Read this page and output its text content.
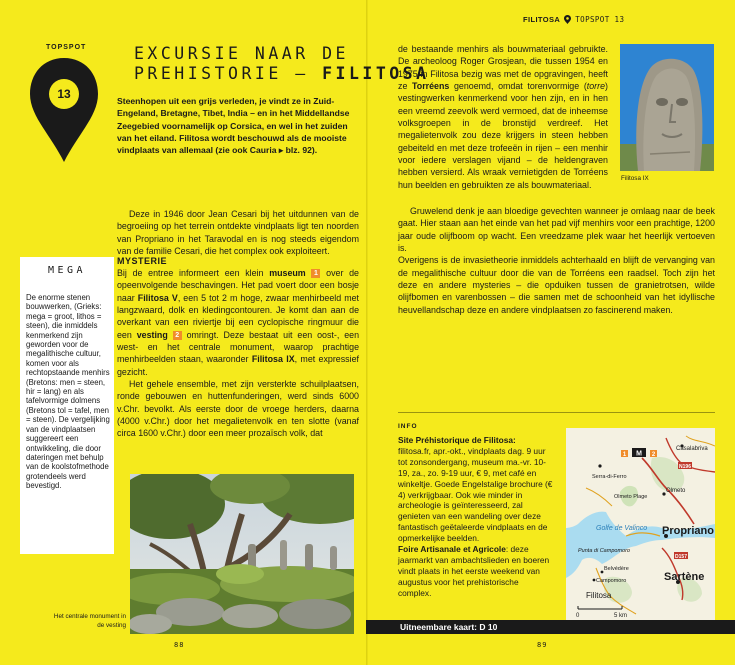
TOPSPOT
13
EXCURSIE NAAR DE
PREHISTORIE – FILITOSA
Steenhopen uit een grijs verleden, je vindt ze in Zuid-Engeland, Bretagne, Tibet, India – en in het Middellandse Zeegebied voornamelijk op Corsica, en wel in het zuiden van het eiland. Filitosa wordt beschouwd als de mooiste vindplaats van allemaal (zie ook Cauria ▸ blz. 92).

Deze in 1946 door Jean Cesari bij het uitdunnen van de begroeiing op het terrein ontdekte vindplaats ligt ten noorden van Propriano in het Taravodal en is nog steeds eigendom van de familie Cesari, die het complex ook exploiteert.

MYSTERIE

Bij de entree informeert een klein museum 1 over de opeenvolgende beschavingen. Het pad voert door een bosje naar Filitosa V, een 5 tot 2 m hoge, zwaar menhirbeeld met langzwaard, dolk en kledingcontouren. Je komt dan aan de overkant van een riviertje bij een cyclopische ringmuur die een vesting 2 omringt. Deze bestaat uit een oost-, een west- en het centrale monument, waarop prachtige menhirbeelden staan, waaronder Filitosa IX, met expressief gezicht.

Het gehele ensemble, met zijn versterkte schuilplaatsen, ronde gebouwen en huttenfunderingen, werd sinds 6000 v.Chr. bevolkt. Als eerste door de vroege herders, daarna (4000 v.Chr.) door het megalietenvolk en ten slotte (vanaf circa 1600 v.Chr.) door een meer prozaïsch volk, dat

Het centrale monument in de vesting
88
MEGA
De enorme stenen bouwwerken, (Grieks: mega = groot, lithos = steen), die inmiddels kenmerkend zijn geworden voor de megalithische cultuur, komen voor als rechtopstaande menhirs (Bretons: men = steen, hir = lang) en als tafelvormige dolmens (Bretons tol = tafel, men = steen). De vergelijking van de vindplaatsen suggereert een ontwikkeling, die door dateringen met behulp van de koolstofmethode grotendeels werd bevestigd.
FILITOSA TOPSPOT 13

de bestaande menhirs als bouwmateriaal gebruikte. De archeoloog Roger Grosjean, die tussen 1954 en 1975 in Filitosa bezig was met de opgravingen, heeft ze Torréens genoemd, omdat torenvormige (torre) vestingwerken kenmerkend voor hen zijn, en in hen een vreemd zeevolk werd vermoed, dat de inheemse volksgroepen in de bronstijd verdreef. Het megalietenvolk zou deze krijgers in steen hebben gebeiteld en met deze trofeeën in rijen – een menhir voor iedere verslagen vijand – de heldengraven hebben versierd. Als wraak vernietigden de Torréens hun beelden en gebruikten ze als bouwmateriaal.

Filitosa IX

Gruwelend denk je aan bloedige gevechten wanneer je omlaag naar de beek gaat. Hier staan aan het einde van het pad vijf menhirs voor een prachtige, 1200 jaar oude olijfboom op wacht. Een vreedzame plek waar het heerlijk vertoeven is.

Overigens is de invasietheorie inmiddels achterhaald en blijft de vervanging van de megalithische cultuur door die van de Torréens een raadsel. Toch zijn het deze en andere mysteries – die opduiken tussen de granietrotsen, wilde olijfbomen en varenbossen – die samen met de schoonheid van het idyllische heuvellandschap deze en andere vindplaatsen zo fascinerend maken.

INFO

Site Préhistorique de Filitosa:
filitosa.fr, apr.-okt., vindplaats dag. 9 uur tot zonsondergang, museum ma.-vr. 10-19, za., zo. 9-19 uur, € 9, met café en winkeltje. Goede Engelstalige brochure (€ 4) verkrijgbaar. Ook wie minder in archeologie is geïnteresseerd, zal genieten van een wandeling over deze fantastisch geëtaleerde vindplaats en de opmerkelijke beelden.

Foire Artisanale et Agricole: deze jaarmarkt van ambachtslieden en boeren vindt plaats in het eerste weekend van augustus voor het prehistorische complex.

1	2
M
N196
D157
Casalabriva
Serra-di-Ferro
Olmeto Plage
Olmeto
Golfe de Valinco Propriano
Punta di Campomoro
Belvédère
Campomoro	Sartène
Filitosa
0	5 km
Uitneembare kaart: D 10
89
